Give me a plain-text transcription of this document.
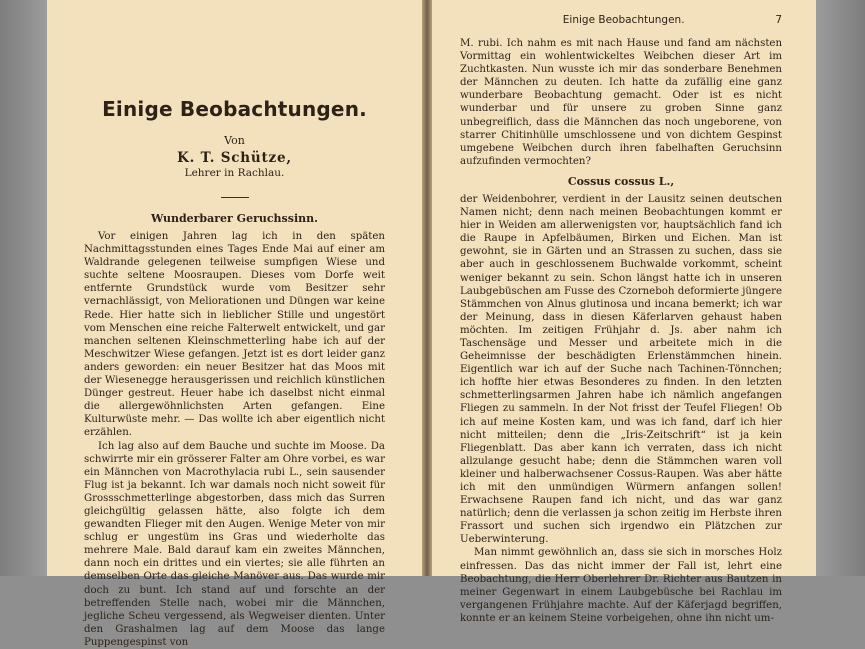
Einige Beobachtungen.
Von
K. T. Schütze,
Lehrer in Rachlau.
Wunderbarer Geruchssinn.

Vor einigen Jahren lag ich in den späten Nachmittagsstunden eines Tages Ende Mai auf einer am Waldrande gelegenen teilweise sumpfigen Wiese und suchte seltene Moosraupen. Dieses vom Dorfe weit entfernte Grundstück wurde vom Besitzer sehr vernachlässigt, von Meliorationen und Düngen war keine Rede. Hier hatte sich in lieblicher Stille und ungestört vom Menschen eine reiche Falterwelt entwickelt, und gar manchen seltenen Kleinschmetterling habe ich auf der Meschwitzer Wiese gefangen. Jetzt ist es dort leider ganz anders geworden: ein neuer Besitzer hat das Moos mit der Wiesenegge herausgerissen und reichlich künstlichen Dünger gestreut. Heuer habe ich daselbst nicht einmal die allergewöhnlichsten Arten gefangen. Eine Kulturwüste mehr. — Das wollte ich aber eigentlich nicht erzählen.

Ich lag also auf dem Bauche und suchte im Moose. Da schwirrte mir ein grösserer Falter am Ohre vorbei, es war ein Männchen von Macrothylacia rubi L., sein sausender Flug ist ja bekannt. Ich war damals noch nicht soweit für Grossschmetterlinge abgestorben, dass mich das Surren gleichgültig gelassen hätte, also folgte ich dem gewandten Flieger mit den Augen. Wenige Meter von mir schlug er ungestüm ins Gras und wiederholte das mehrere Male. Bald darauf kam ein zweites Männchen, dann noch ein drittes und ein viertes; sie alle führten an demselben Orte das gleiche Manöver aus. Das wurde mir doch zu bunt. Ich stand auf und forschte an der betreffenden Stelle nach, wobei mir die Männchen, jegliche Scheu vergessend, als Wegweiser dienten. Unter den Grashalmen lag auf dem Moose das lange Puppengespinst von

Einige Beobachtungen.	7

M. rubi. Ich nahm es mit nach Hause und fand am nächsten Vormittag ein wohlentwickeltes Weibchen dieser Art im Zuchtkasten. Nun wusste ich mir das sonderbare Benehmen der Männchen zu deuten. Ich hatte da zufällig eine ganz wunderbare Beobachtung gemacht. Oder ist es nicht wunderbar und für unsere zu groben Sinne ganz unbegreiflich, dass die Männchen das noch ungeborene, von starrer Chitinhülle umschlossene und von dichtem Gespinst umgebene Weibchen durch ihren fabelhaften Geruchsinn aufzufinden vermochten?

Cossus cossus L.,

der Weidenbohrer, verdient in der Lausitz seinen deutschen Namen nicht; denn nach meinen Beobachtungen kommt er hier in Weiden am allerwenigsten vor, hauptsächlich fand ich die Raupe in Apfelbäumen, Birken und Eichen. Man ist gewohnt, sie in Gärten und an Strassen zu suchen, dass sie aber auch in geschlossenem Buchwalde vorkommt, scheint weniger bekannt zu sein. Schon längst hatte ich in unseren Laubgebüschen am Fusse des Czorneboh deformierte jüngere Stämmchen von Alnus glutinosa und incana bemerkt; ich war der Meinung, dass in diesen Käferlarven gehaust haben möchten. Im zeitigen Frühjahr d. Js. aber nahm ich Taschensäge und Messer und arbeitete mich in die Geheimnisse der beschädigten Erlenstämmchen hinein. Eigentlich war ich auf der Suche nach Tachinen-Tönnchen; ich hoffte hier etwas Besonderes zu finden. In den letzten schmetterlingsarmen Jahren habe ich nämlich angefangen Fliegen zu sammeln. In der Not frisst der Teufel Fliegen! Ob ich auf meine Kosten kam, und was ich fand, darf ich hier nicht mitteilen; denn die „Iris-Zeitschrift“ ist ja kein Fliegenblatt. Das aber kann ich verraten, dass ich nicht allzulange gesucht habe; denn die Stämmchen waren voll kleiner und halberwachsener Cossus-Raupen. Was aber hätte ich mit den unmündigen Würmern anfangen sollen! Erwachsene Raupen fand ich nicht, und das war ganz natürlich; denn die verlassen ja schon zeitig im Herbste ihren Frassort und suchen sich irgendwo ein Plätzchen zur Ueberwinterung.

Man nimmt gewöhnlich an, dass sie sich in morsches Holz einfressen. Das das nicht immer der Fall ist, lehrt eine Beobachtung, die Herr Oberlehrer Dr. Richter aus Bautzen in meiner Gegenwart in einem Laubgebüsche bei Rachlau im vergangenen Frühjahre machte. Auf der Käferjagd begriffen, konnte er an keinem Steine vorbeigehen, ohne ihn nicht um-
